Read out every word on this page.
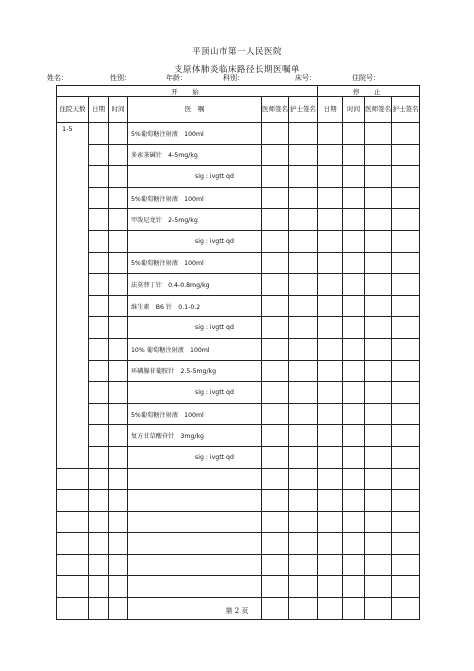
平顶山市第一人民医院
支原体肺炎临床路径长期医嘱单
姓名：	性别：	年龄：	科别：	床号：	住院号：
开　始						停　止			
住院天数	日期	时间	医　嘱	医师签名	护士签名	日期	时间	医师签名	护士签名
1-5			5%葡萄糖注射液　100ml						
			多索茶碱针　4-5mg/kg						
			sig : ivgtt qd						
			5%葡萄糖注射液　100ml						
			甲泼尼龙针　2-5mg/kg						
			sig : ivgtt qd						
			5%葡萄糖注射液　100ml						
			法莫替丁针　0.4-0.8mg/kg						
			维生素　B6 针　0.1-0.2						
			sig : ivgtt qd						
			10% 葡萄糖注射液　100ml						
			环磷腺苷葡胺针　2.5-5mg/kg						
			sig : ivgtt qd						
			5%葡萄糖注射液　100ml						
			复方甘草酸苷针　3mg/kg						
			sig : ivgtt qd						

第 2 页
